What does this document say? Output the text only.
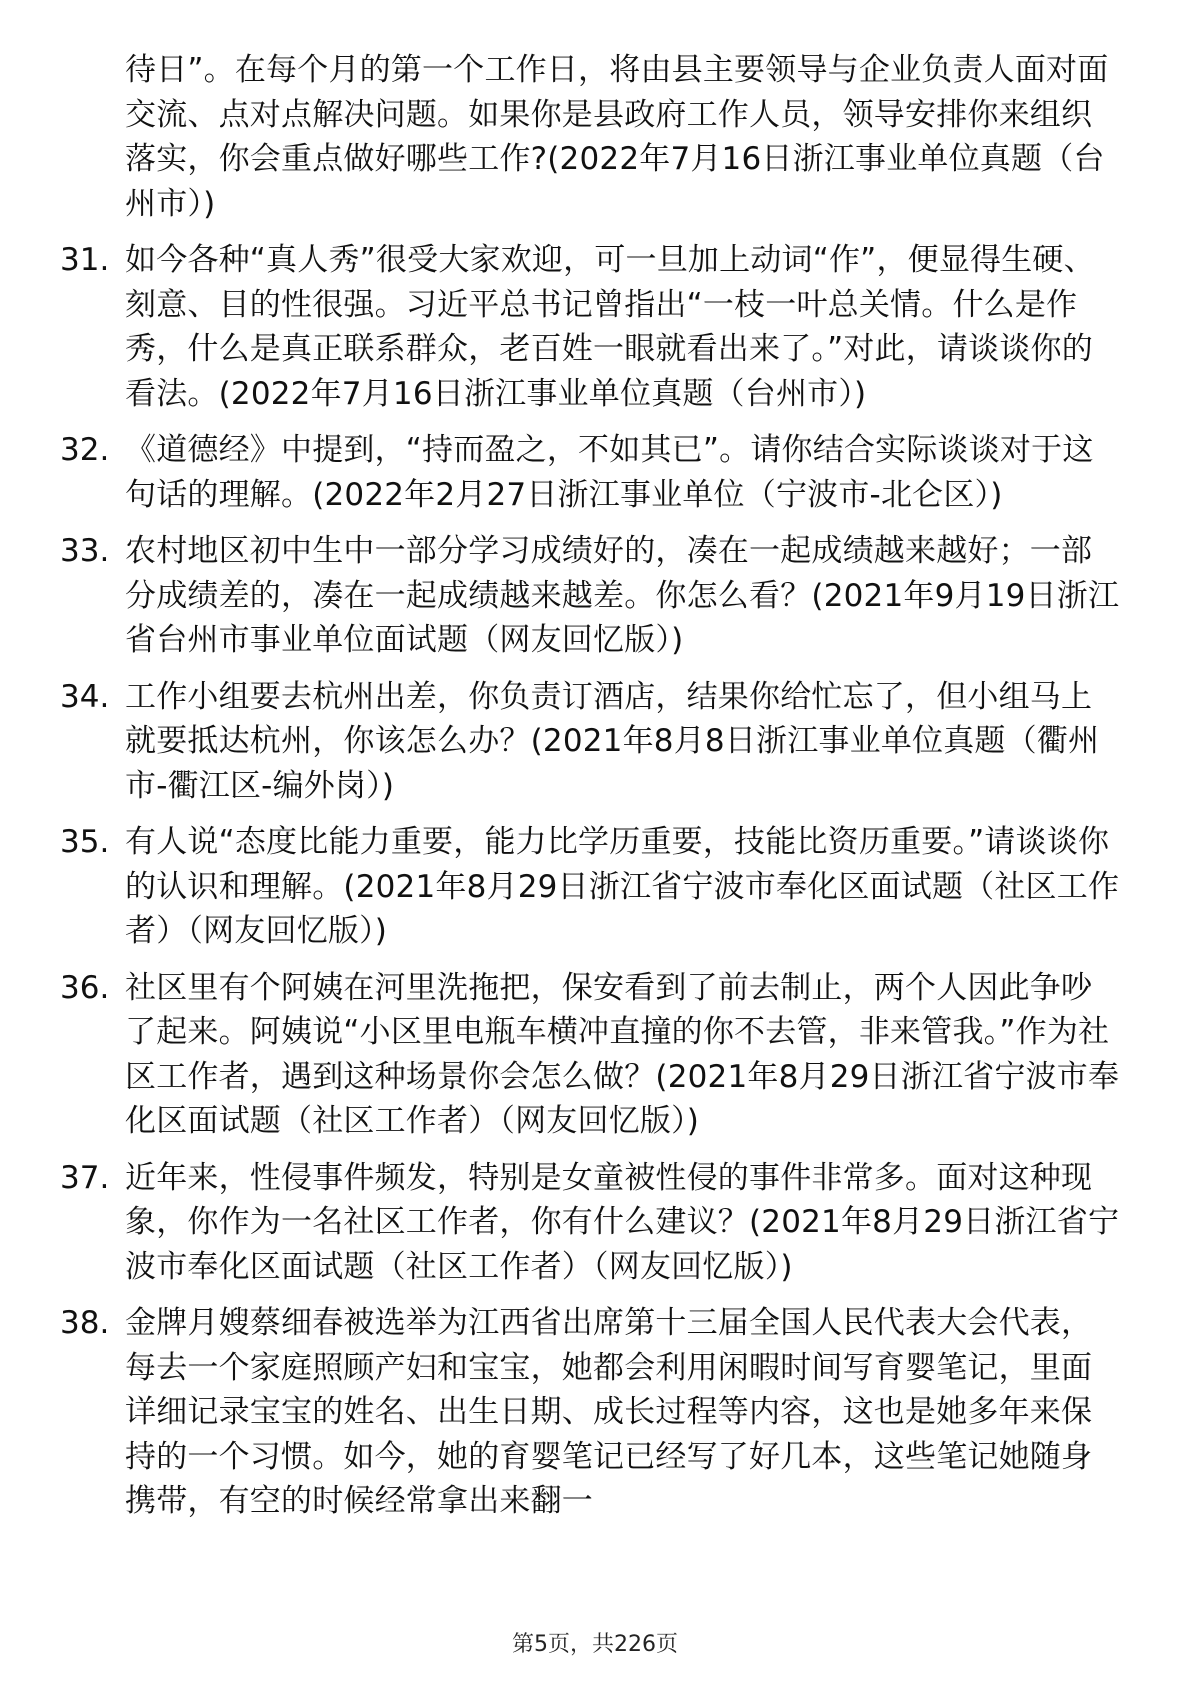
待日”。在每个月的第一个工作日，将由县主要领导与企业负责人面对面交流、点对点解决问题。如果你是县政府工作人员，领导安排你来组织落实，你会重点做好哪些工作?(2022年7月16日浙江事业单位真题（台州市）)
31. 如今各种“真人秀”很受大家欢迎，可一旦加上动词“作”，便显得生硬、刻意、目的性很强。习近平总书记曾指出“一枝一叶总关情。什么是作秀，什么是真正联系群众，老百姓一眼就看出来了。”对此，请谈谈你的看法。(2022年7月16日浙江事业单位真题（台州市）)
32. 《道德经》中提到，“持而盈之，不如其已”。请你结合实际谈谈对于这句话的理解。(2022年2月27日浙江事业单位（宁波市-北仑区）)
33. 农村地区初中生中一部分学习成绩好的，凑在一起成绩越来越好；一部分成绩差的，凑在一起成绩越来越差。你怎么看？(2021年9月19日浙江省台州市事业单位面试题（网友回忆版）)
34. 工作小组要去杭州出差，你负责订酒店，结果你给忙忘了，但小组马上就要抵达杭州，你该怎么办？(2021年8月8日浙江事业单位真题（衢州市-衢江区-编外岗）)
35. 有人说“态度比能力重要，能力比学历重要，技能比资历重要。”请谈谈你的认识和理解。(2021年8月29日浙江省宁波市奉化区面试题（社区工作者）（网友回忆版）)
36. 社区里有个阿姨在河里洗拖把，保安看到了前去制止，两个人因此争吵了起来。阿姨说“小区里电瓶车横冲直撞的你不去管，非来管我。”作为社区工作者，遇到这种场景你会怎么做？(2021年8月29日浙江省宁波市奉化区面试题（社区工作者）（网友回忆版）)
37. 近年来，性侵事件频发，特别是女童被性侵的事件非常多。面对这种现象，你作为一名社区工作者，你有什么建议？(2021年8月29日浙江省宁波市奉化区面试题（社区工作者）（网友回忆版）)
38. 金牌月嫂蔡细春被选举为江西省出席第十三届全国人民代表大会代表，每去一个家庭照顾产妇和宝宝，她都会利用闲暇时间写育婴笔记，里面详细记录宝宝的姓名、出生日期、成长过程等内容，这也是她多年来保持的一个习惯。如今，她的育婴笔记已经写了好几本，这些笔记她随身携带，有空的时候经常拿出来翻一
第5页，共226页
